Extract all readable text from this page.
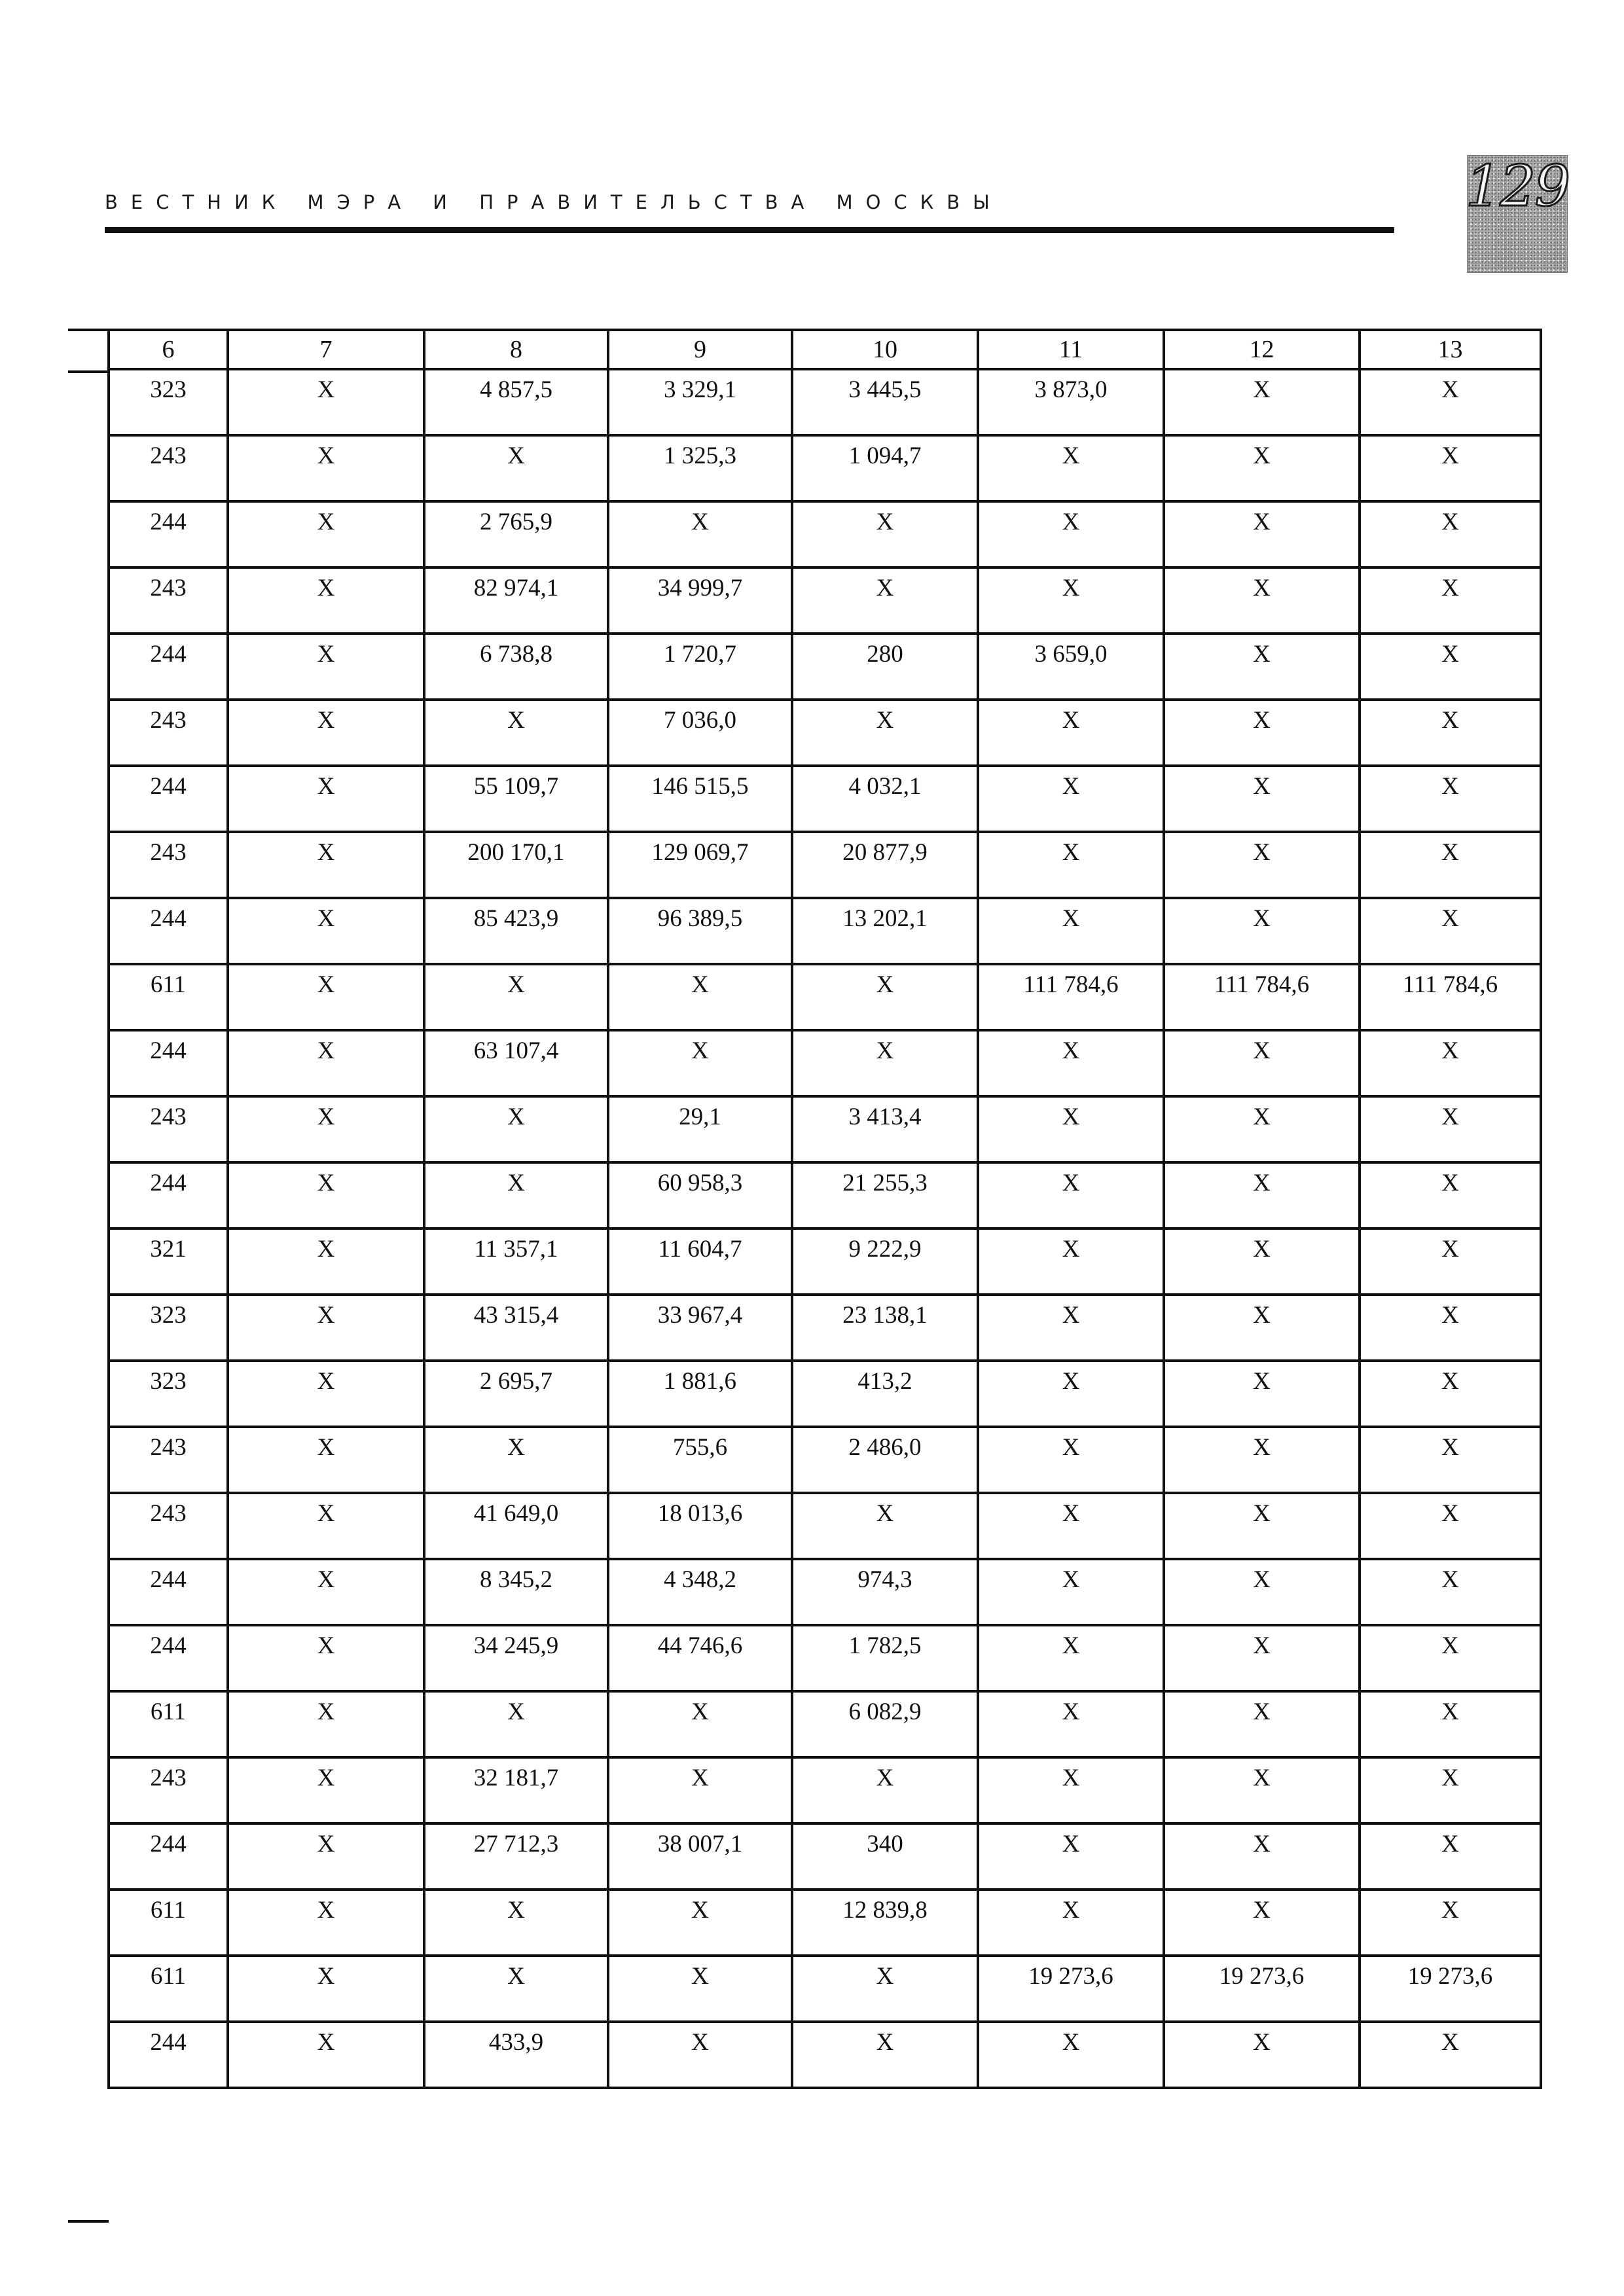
ВЕСТНИК МЭРА И ПРАВИТЕЛЬСТВА МОСКВЫ	129
6	7	8	9	10	11	12	13
323	X	4 857,5	3 329,1	3 445,5	3 873,0	X	X
243	X	X	1 325,3	1 094,7	X	X	X
244	X	2 765,9	X	X	X	X	X
243	X	82 974,1	34 999,7	X	X	X	X
244	X	6 738,8	1 720,7	280	3 659,0	X	X
243	X	X	7 036,0	X	X	X	X
244	X	55 109,7	146 515,5	4 032,1	X	X	X
243	X	200 170,1	129 069,7	20 877,9	X	X	X
244	X	85 423,9	96 389,5	13 202,1	X	X	X
611	X	X	X	X	111 784,6	111 784,6	111 784,6
244	X	63 107,4	X	X	X	X	X
243	X	X	29,1	3 413,4	X	X	X
244	X	X	60 958,3	21 255,3	X	X	X
321	X	11 357,1	11 604,7	9 222,9	X	X	X
323	X	43 315,4	33 967,4	23 138,1	X	X	X
323	X	2 695,7	1 881,6	413,2	X	X	X
243	X	X	755,6	2 486,0	X	X	X
243	X	41 649,0	18 013,6	X	X	X	X
244	X	8 345,2	4 348,2	974,3	X	X	X
244	X	34 245,9	44 746,6	1 782,5	X	X	X
611	X	X	X	6 082,9	X	X	X
243	X	32 181,7	X	X	X	X	X
244	X	27 712,3	38 007,1	340	X	X	X
611	X	X	X	12 839,8	X	X	X
611	X	X	X	X	19 273,6	19 273,6	19 273,6
244	X	433,9	X	X	X	X	X
